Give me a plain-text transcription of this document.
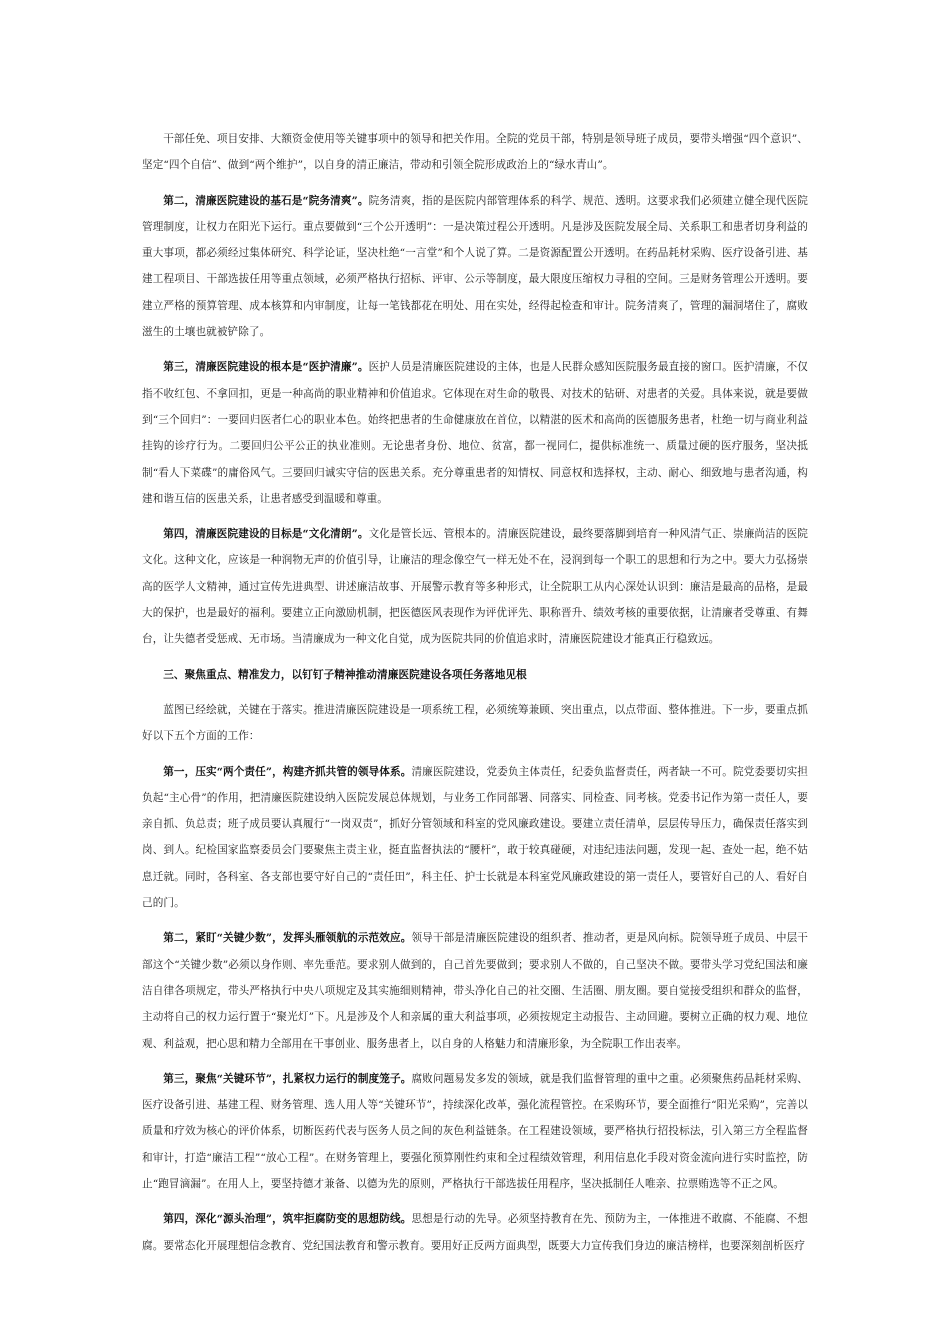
干部任免、项目安排、大额资金使用等关键事项中的领导和把关作用。全院的党员干部，特别是领导班子成员，要带头增强“四个意识”、坚定“四个自信”、做到“两个维护”，以自身的清正廉洁，带动和引领全院形成政治上的“绿水青山”。

第二，清廉医院建设的基石是“院务清爽”。院务清爽，指的是医院内部管理体系的科学、规范、透明。这要求我们必须建立健全现代医院管理制度，让权力在阳光下运行。重点要做到“三个公开透明”：一是决策过程公开透明。凡是涉及医院发展全局、关系职工和患者切身利益的重大事项，都必须经过集体研究、科学论证，坚决杜绝“一言堂”和个人说了算。二是资源配置公开透明。在药品耗材采购、医疗设备引进、基建工程项目、干部选拔任用等重点领域，必须严格执行招标、评审、公示等制度，最大限度压缩权力寻租的空间。三是财务管理公开透明。要建立严格的预算管理、成本核算和内审制度，让每一笔钱都花在明处、用在实处，经得起检查和审计。院务清爽了，管理的漏洞堵住了，腐败滋生的土壤也就被铲除了。

第三，清廉医院建设的根本是“医护清廉”。医护人员是清廉医院建设的主体，也是人民群众感知医院服务最直接的窗口。医护清廉，不仅指不收红包、不拿回扣，更是一种高尚的职业精神和价值追求。它体现在对生命的敬畏、对技术的钻研、对患者的关爱。具体来说，就是要做到“三个回归”：一要回归医者仁心的职业本色。始终把患者的生命健康放在首位，以精湛的医术和高尚的医德服务患者，杜绝一切与商业利益挂钩的诊疗行为。二要回归公平公正的执业准则。无论患者身份、地位、贫富，都一视同仁，提供标准统一、质量过硬的医疗服务，坚决抵制“看人下菜碟”的庸俗风气。三要回归诚实守信的医患关系。充分尊重患者的知情权、同意权和选择权，主动、耐心、细致地与患者沟通，构建和谐互信的医患关系，让患者感受到温暖和尊重。

第四，清廉医院建设的目标是“文化清朗”。文化是管长远、管根本的。清廉医院建设，最终要落脚到培育一种风清气正、崇廉尚洁的医院文化。这种文化，应该是一种润物无声的价值引导，让廉洁的理念像空气一样无处不在，浸润到每一个职工的思想和行为之中。要大力弘扬崇高的医学人文精神，通过宣传先进典型、讲述廉洁故事、开展警示教育等多种形式，让全院职工从内心深处认识到：廉洁是最高的品格，是最大的保护，也是最好的福利。要建立正向激励机制，把医德医风表现作为评优评先、职称晋升、绩效考核的重要依据，让清廉者受尊重、有舞台，让失德者受惩戒、无市场。当清廉成为一种文化自觉，成为医院共同的价值追求时，清廉医院建设才能真正行稳致远。

三、聚焦重点、精准发力，以钉钉子精神推动清廉医院建设各项任务落地见根

蓝图已经绘就，关键在于落实。推进清廉医院建设是一项系统工程，必须统筹兼顾、突出重点，以点带面、整体推进。下一步，要重点抓好以下五个方面的工作：

第一，压实“两个责任”，构建齐抓共管的领导体系。清廉医院建设，党委负主体责任，纪委负监督责任，两者缺一不可。院党委要切实担负起“主心骨”的作用，把清廉医院建设纳入医院发展总体规划，与业务工作同部署、同落实、同检查、同考核。党委书记作为第一责任人，要亲自抓、负总责；班子成员要认真履行“一岗双责”，抓好分管领域和科室的党风廉政建设。要建立责任清单，层层传导压力，确保责任落实到岗、到人。纪检国家监察委员会门要聚焦主责主业，挺直监督执法的“腰杆”，敢于较真碰硬，对违纪违法问题，发现一起、查处一起，绝不姑息迁就。同时，各科室、各支部也要守好自己的“责任田”，科主任、护士长就是本科室党风廉政建设的第一责任人，要管好自己的人、看好自己的门。

第二，紧盯“关键少数”，发挥头雁领航的示范效应。领导干部是清廉医院建设的组织者、推动者，更是风向标。院领导班子成员、中层干部这个“关键少数”必须以身作则、率先垂范。要求别人做到的，自己首先要做到；要求别人不做的，自己坚决不做。要带头学习党纪国法和廉洁自律各项规定，带头严格执行中央八项规定及其实施细则精神，带头净化自己的社交圈、生活圈、朋友圈。要自觉接受组织和群众的监督，主动将自己的权力运行置于“聚光灯”下。凡是涉及个人和亲属的重大利益事项，必须按规定主动报告、主动回避。要树立正确的权力观、地位观、利益观，把心思和精力全部用在干事创业、服务患者上，以自身的人格魅力和清廉形象，为全院职工作出表率。

第三，聚焦“关键环节”，扎紧权力运行的制度笼子。腐败问题易发多发的领域，就是我们监督管理的重中之重。必须聚焦药品耗材采购、医疗设备引进、基建工程、财务管理、选人用人等“关键环节”，持续深化改革，强化流程管控。在采购环节，要全面推行“阳光采购”，完善以质量和疗效为核心的评价体系，切断医药代表与医务人员之间的灰色利益链条。在工程建设领域，要严格执行招投标法，引入第三方全程监督和审计，打造“廉洁工程”“放心工程”。在财务管理上，要强化预算刚性约束和全过程绩效管理，利用信息化手段对资金流向进行实时监控，防止“跑冒滴漏”。在用人上，要坚持德才兼备、以德为先的原则，严格执行干部选拔任用程序，坚决抵制任人唯亲、拉票贿选等不正之风。

第四，深化“源头治理”，筑牢拒腐防变的思想防线。思想是行动的先导。必须坚持教育在先、预防为主，一体推进不敢腐、不能腐、不想腐。要常态化开展理想信念教育、党纪国法教育和警示教育。要用好正反两方面典型，既要大力宣传我们身边的廉洁榜样，也要深刻剖析医疗
